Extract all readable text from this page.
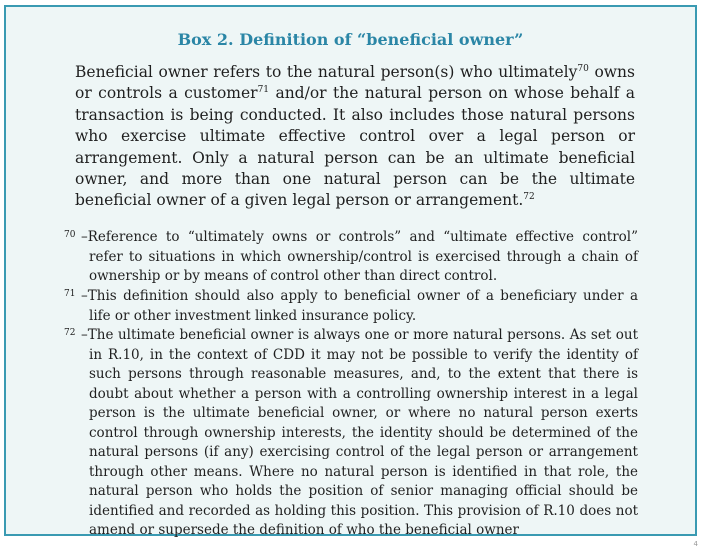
Box 2. Definition of “beneficial owner”

Beneficial owner refers to the natural person(s) who ultimately$^{70}$ owns or controls a customer$^{71}$ and/or the natural person on whose behalf a transaction is being conducted. It also includes those natural persons who exercise ultimate effective control over a legal person or arrangement. Only a natural person can be an ultimate beneficial owner, and more than one natural person can be the ultimate beneficial owner of a given legal person or arrangement.$^{72}$

70 –Reference to “ultimately owns or controls” and “ultimate effective control” refer to situations in which ownership/control is exercised through a chain of ownership or by means of control other than direct control.
71 –This definition should also apply to beneficial owner of a beneficiary under a life or other investment linked insurance policy.
72 –The ultimate beneficial owner is always one or more natural persons. As set out in R.10, in the context of CDD it may not be possible to verify the identity of such persons through reasonable measures, and, to the extent that there is doubt about whether a person with a controlling ownership interest in a legal person is the ultimate beneficial owner, or where no natural person exerts control through ownership interests, the identity should be determined of the natural persons (if any) exercising control of the legal person or arrangement through other means. Where no natural person is identified in that role, the natural person who holds the position of senior managing official should be identified and recorded as holding this position. This provision of R.10 does not amend or supersede the definition of who the beneficial owner
4
